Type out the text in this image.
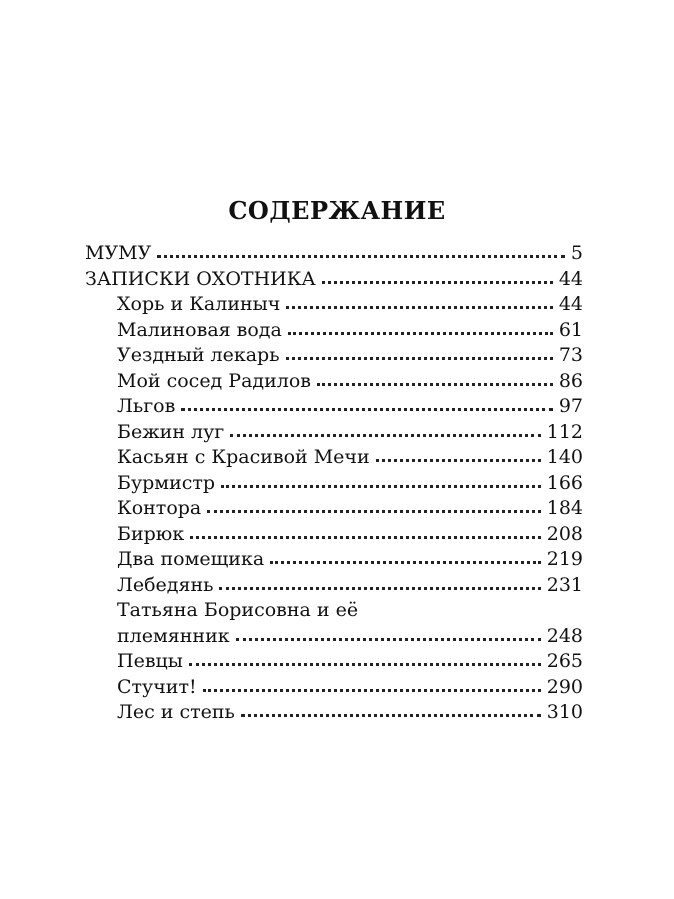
СОДЕРЖАНИЕ
МУМУ	5
ЗАПИСКИ ОХОТНИКА	44
Хорь и Калиныч	44
Малиновая вода	61
Уездный лекарь	73
Мой сосед Радилов	86
Льгов	97
Бежин луг	112
Касьян с Красивой Мечи	140
Бурмистр	166
Контора	184
Бирюк	208
Два помещика	219
Лебедянь	231
Татьяна Борисовна и её
племянник	248
Певцы	265
Стучит!	290
Лес и степь	310
